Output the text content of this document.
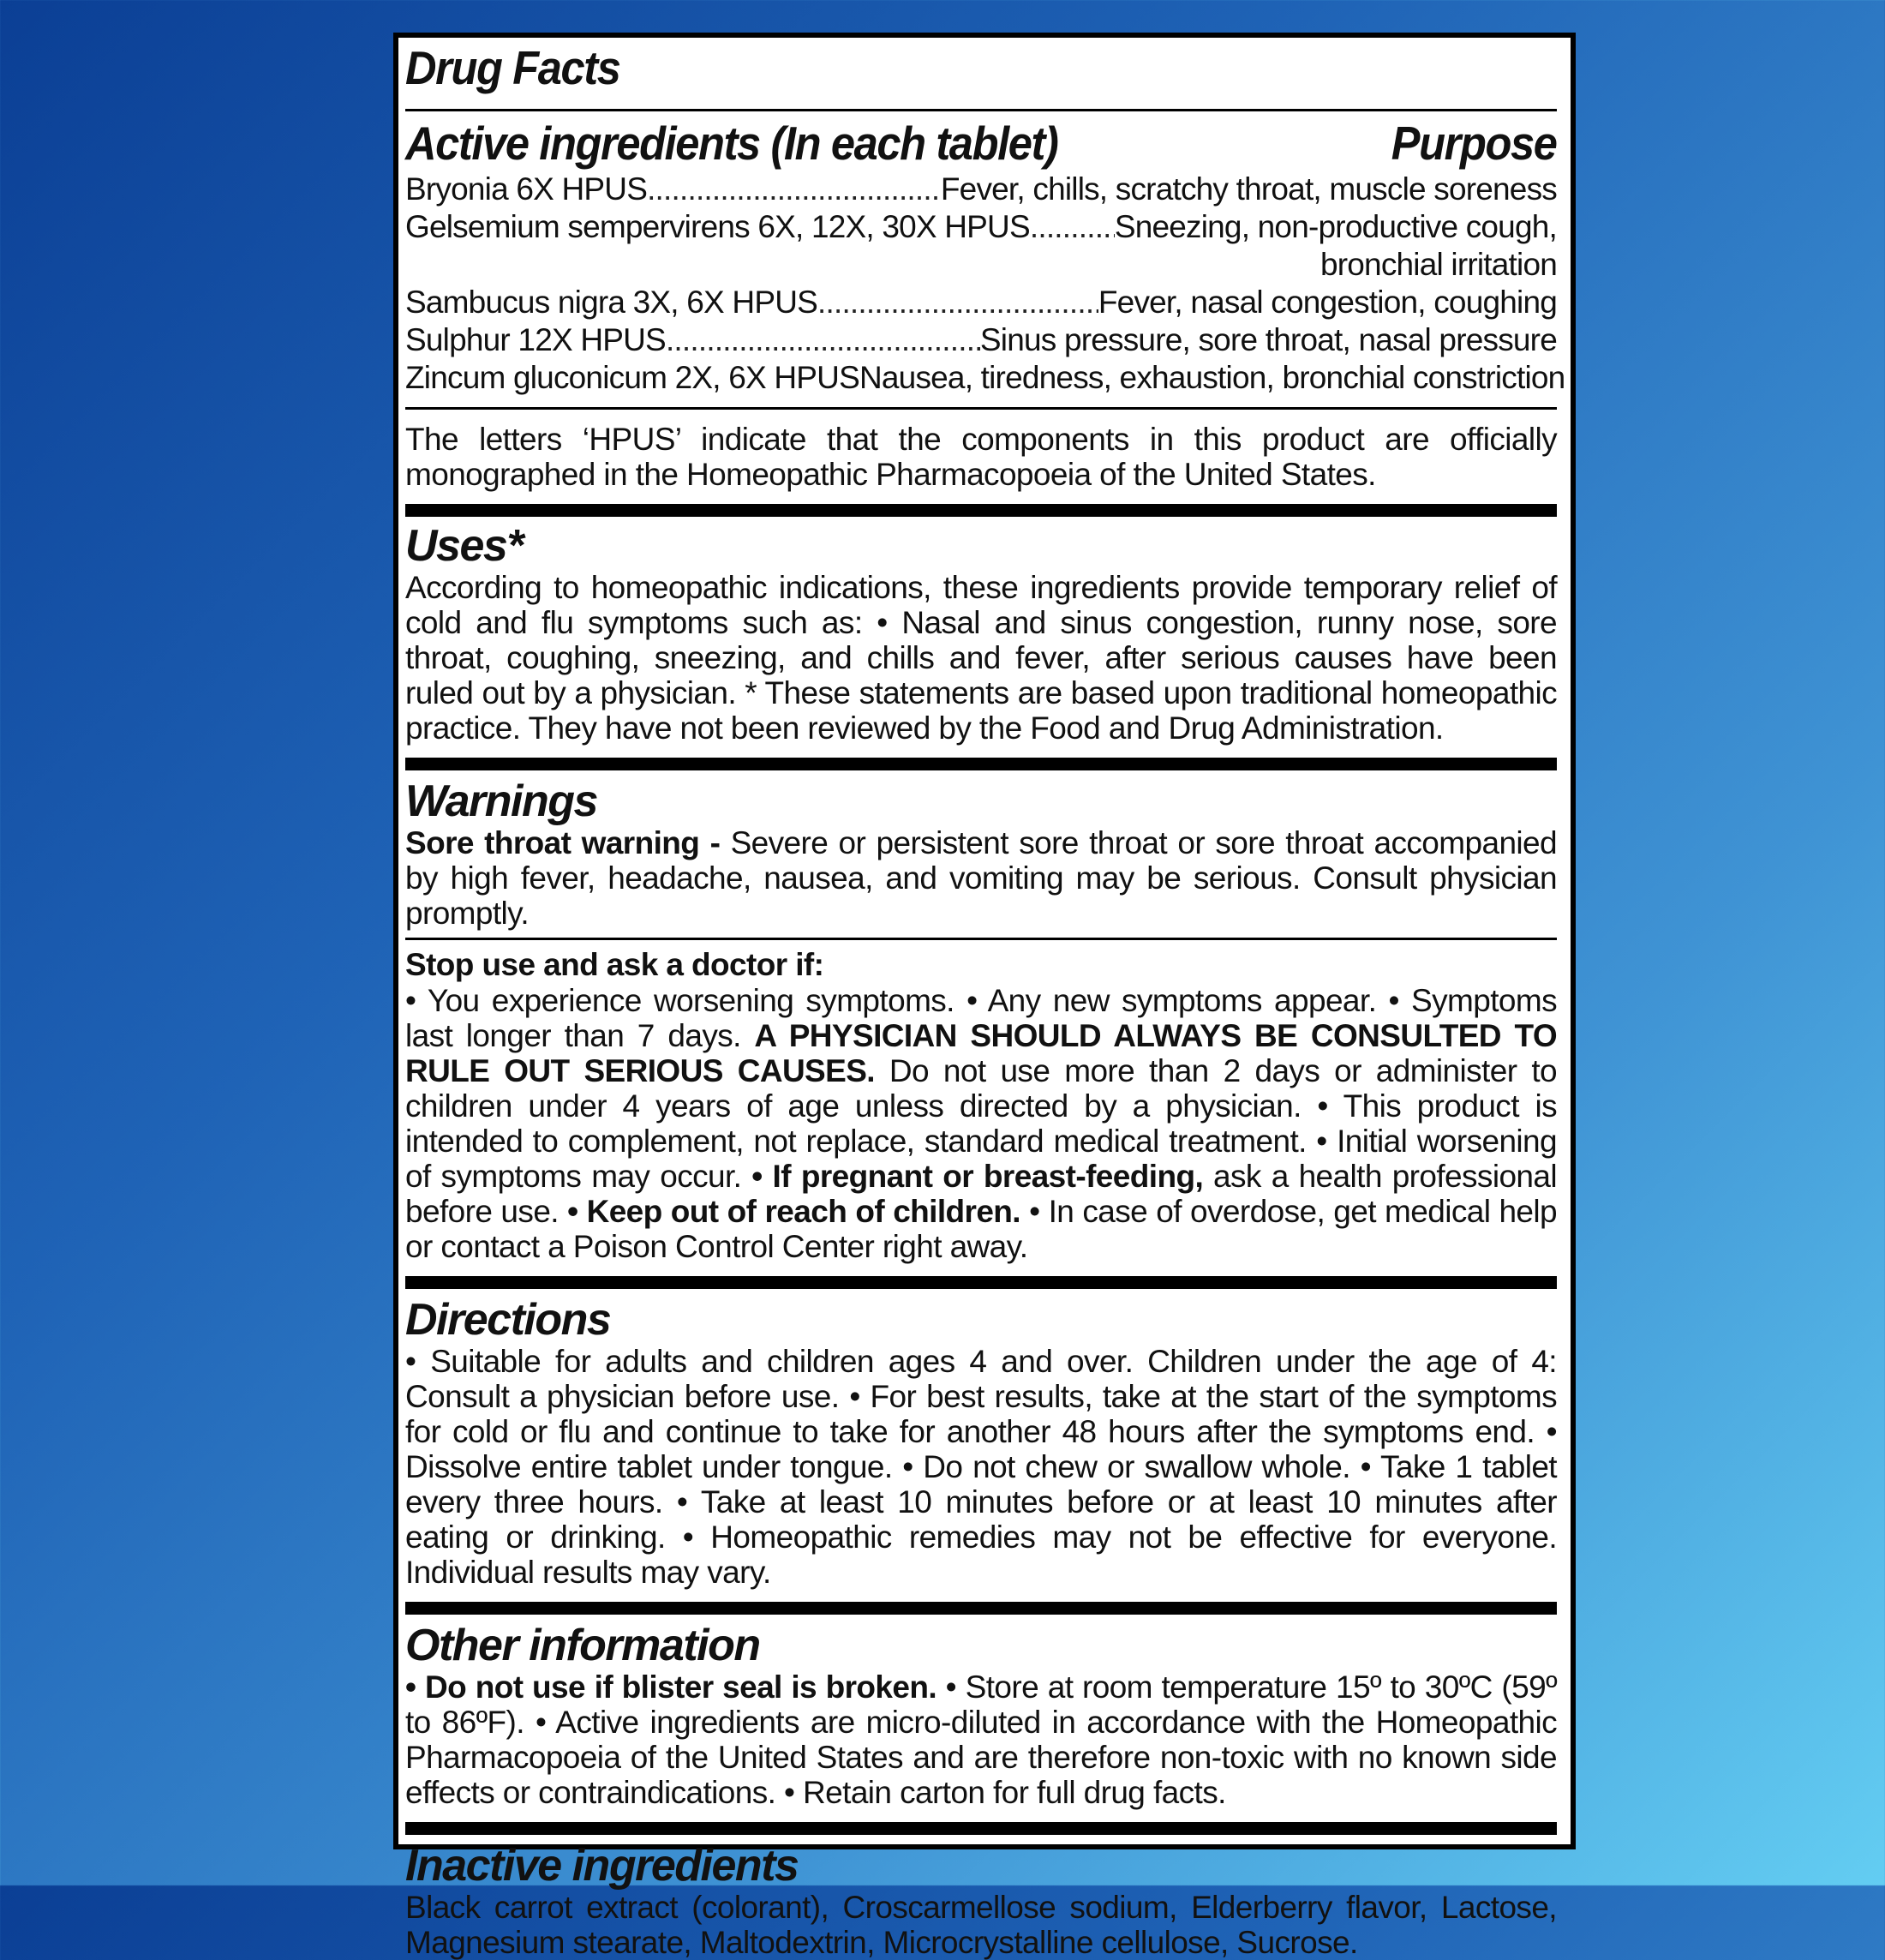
Drug Facts
Active ingredients (In each tablet)	Purpose
Bryonia 6X HPUS .....	Fever, chills, scratchy throat, muscle soreness
Gelsemium sempervirens 6X, 12X, 30X HPUS .....	Sneezing, non-productive cough,
bronchial irritation
Sambucus nigra 3X, 6X HPUS .....	Fever, nasal congestion, coughing
Sulphur 12X HPUS .....	Sinus pressure, sore throat, nasal pressure
Zincum gluconicum 2X, 6X HPUS Nausea, tiredness, exhaustion, bronchial constriction
The letters ‘HPUS’ indicate that the components in this product are officially monographed in the Homeopathic Pharmacopoeia of the United States.
Uses*
According to homeopathic indications, these ingredients provide temporary relief of cold and flu symptoms such as: • Nasal and sinus congestion, runny nose, sore throat, coughing, sneezing, and chills and fever, after serious causes have been ruled out by a physician. * These statements are based upon traditional homeopathic practice. They have not been reviewed by the Food and Drug Administration.
Warnings
Sore throat warning - Severe or persistent sore throat or sore throat accompanied by high fever, headache, nausea, and vomiting may be serious. Consult physician promptly.
Stop use and ask a doctor if:
• You experience worsening symptoms. • Any new symptoms appear. • Symptoms last longer than 7 days. A PHYSICIAN SHOULD ALWAYS BE CONSULTED TO RULE OUT SERIOUS CAUSES. Do not use more than 2 days or administer to children under 4 years of age unless directed by a physician. • This product is intended to complement, not replace, standard medical treatment. • Initial worsening of symptoms may occur. • If pregnant or breast-feeding, ask a health professional before use. • Keep out of reach of children. • In case of overdose, get medical help or contact a Poison Control Center right away.
Directions
• Suitable for adults and children ages 4 and over. Children under the age of 4: Consult a physician before use. • For best results, take at the start of the symptoms for cold or flu and continue to take for another 48 hours after the symptoms end. • Dissolve entire tablet under tongue. • Do not chew or swallow whole. • Take 1 tablet every three hours. • Take at least 10 minutes before or at least 10 minutes after eating or drinking. • Homeopathic remedies may not be effective for everyone. Individual results may vary.
Other information
• Do not use if blister seal is broken. • Store at room temperature 15º to 30ºC (59º to 86ºF). • Active ingredients are micro-diluted in accordance with the Homeopathic Pharmacopoeia of the United States and are therefore non-toxic with no known side effects or contraindications. • Retain carton for full drug facts.
Inactive ingredients
Black carrot extract (colorant), Croscarmellose sodium, Elderberry flavor, Lactose, Magnesium stearate, Maltodextrin, Microcrystalline cellulose, Sucrose.
